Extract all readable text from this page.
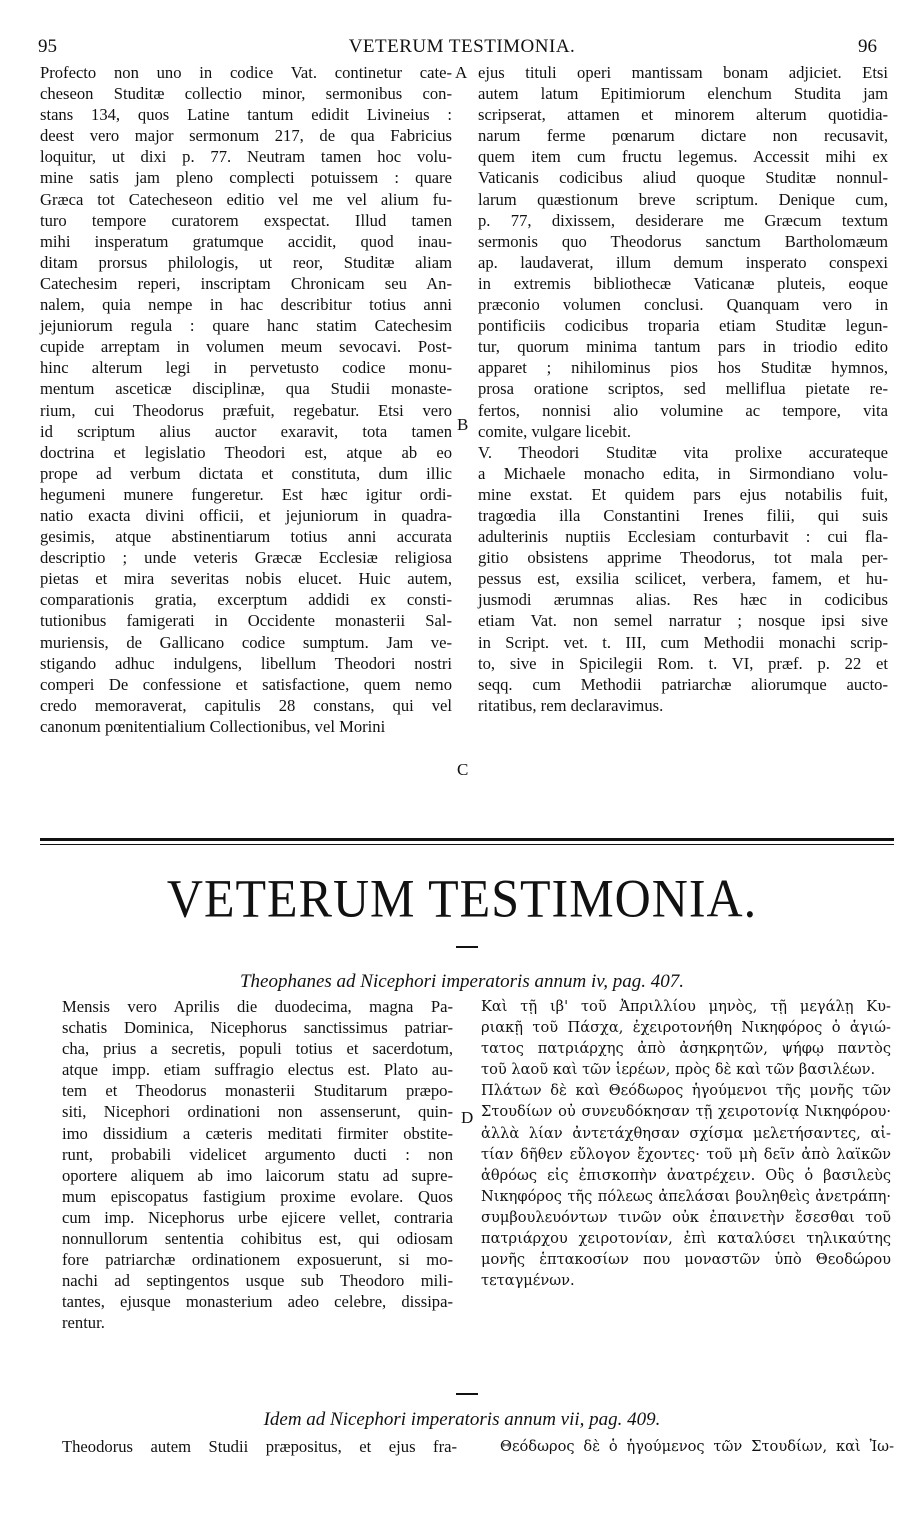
95	VETERUM TESTIMONIA.	96
Profecto non uno in codice Vat. continetur cate-
cheseon Studitæ collectio minor, sermonibus con-
stans 134, quos Latine tantum edidit Livineius :
deest vero major sermonum 217, de qua Fabricius
loquitur, ut dixi p. 77. Neutram tamen hoc volu-
mine satis jam pleno complecti potuissem : quare
Græca tot Catecheseon editio vel me vel alium fu-
turo tempore curatorem exspectat. Illud tamen
mihi insperatum gratumque accidit, quod inau-
ditam prorsus philologis, ut reor, Studitæ aliam
Catechesim reperi, inscriptam Chronicam seu An-
nalem, quia nempe in hac describitur totius anni
jejuniorum regula : quare hanc statim Catechesim
cupide arreptam in volumen meum sevocavi. Post-
hinc alterum legi in pervetusto codice monu-
mentum asceticæ disciplinæ, qua Studii monaste-
rium, cui Theodorus præfuit, regebatur. Etsi vero
id scriptum alius auctor exaravit, tota tamen
doctrina et legislatio Theodori est, atque ab eo
prope ad verbum dictata et constituta, dum illic
hegumeni munere fungeretur. Est hæc igitur ordi-
natio exacta divini officii, et jejuniorum in quadra-
gesimis, atque abstinentiarum totius anni accurata
descriptio ; unde veteris Græcæ Ecclesiæ religiosa
pietas et mira severitas nobis elucet. Huic autem,
comparationis gratia, excerptum addidi ex consti-
tutionibus famigerati in Occidente monasterii Sal-
muriensis, de Gallicano codice sumptum. Jam ve-
stigando adhuc indulgens, libellum Theodori nostri
comperi De confessione et satisfactione, quem nemo
credo memoraverat, capitulis 28 constans, qui vel
canonum pœnitentialium Collectionibus, vel Morini
ejus tituli operi mantissam bonam adjiciet. Etsi
autem latum Epitimiorum elenchum Studita jam
scripserat, attamen et minorem alterum quotidia-
narum ferme pœnarum dictare non recusavit,
quem item cum fructu legemus. Accessit mihi ex
Vaticanis codicibus aliud quoque Studitæ nonnul-
larum quæstionum breve scriptum. Denique cum,
p. 77, dixissem, desiderare me Græcum textum
sermonis quo Theodorus sanctum Bartholomæum
ap. laudaverat, illum demum insperato conspexi
in extremis bibliothecæ Vaticanæ pluteis, eoque
præconio volumen conclusi. Quanquam vero in
pontificiis codicibus troparia etiam Studitæ legun-
tur, quorum minima tantum pars in triodio edito
apparet ; nihilominus pios hos Studitæ hymnos,
prosa oratione scriptos, sed melliflua pietate re-
fertos, nonnisi alio volumine ac tempore, vita
comite, vulgare licebit.
V. Theodori Studitæ vita prolixe accurateque
a Michaele monacho edita, in Sirmondiano volu-
mine exstat. Et quidem pars ejus notabilis fuit,
tragœdia illa Constantini Irenes filii, qui suis
adulterinis nuptiis Ecclesiam conturbavit : cui fla-
gitio obsistens apprime Theodorus, tot mala per-
pessus est, exsilia scilicet, verbera, famem, et hu-
jusmodi ærumnas alias. Res hæc in codicibus
etiam Vat. non semel narratur ; nosque ipsi sive
in Script. vet. t. III, cum Methodii monachi scrip-
to, sive in Spicilegii Rom. t. VI, præf. p. 22 et
seqq. cum Methodii patriarchæ aliorumque aucto-
ritatibus, rem declaravimus.
A
B
C
VETERUM TESTIMONIA.
Theophanes ad Nicephori imperatoris annum iv, pag. 407.
Mensis vero Aprilis die duodecima, magna Pa-
schatis Dominica, Nicephorus sanctissimus patriar-
cha, prius a secretis, populi totius et sacerdotum,
atque impp. etiam suffragio electus est. Plato au-
tem et Theodorus monasterii Studitarum præpo-
siti, Nicephori ordinationi non assenserunt, quin-
imo dissidium a cæteris meditati firmiter obstite-
runt, probabili videlicet argumento ducti : non
oportere aliquem ab imo laicorum statu ad supre-
mum episcopatus fastigium proxime evolare. Quos
cum imp. Nicephorus urbe ejicere vellet, contraria
nonnullorum sententia cohibitus est, qui odiosam
fore patriarchæ ordinationem exposuerunt, si mo-
nachi ad septingentos usque sub Theodoro mili-
tantes, ejusque monasterium adeo celebre, dissipa-
rentur.
Καὶ τῇ ιβ' τοῦ Ἀπριλλίου μηνὸς, τῇ μεγάλῃ Κυ-
ριακῇ τοῦ Πάσχα, ἐχειροτονήθη Νικηφόρος ὁ ἁγιώ-
τατος πατριάρχης ἀπὸ ἀσηκρητῶν, ψήφῳ παντὸς
τοῦ λαοῦ καὶ τῶν ἱερέων, πρὸς δὲ καὶ τῶν βασιλέων.
Πλάτων δὲ καὶ Θεόδωρος ἡγούμενοι τῆς μονῆς τῶν
Στουδίων οὐ συνευδόκησαν τῇ χειροτονίᾳ Νικηφόρου·
ἀλλὰ λίαν ἀντετάχθησαν σχίσμα μελετήσαντες, αἰ-
τίαν δῆθεν εὔλογον ἔχοντες· τοῦ μὴ δεῖν ἀπὸ λαϊκῶν
ἀθρόως εἰς ἐπισκοπὴν ἀνατρέχειν. Οὓς ὁ βασιλεὺς
Νικηφόρος τῆς πόλεως ἀπελάσαι βουληθεὶς ἀνετράπη·
συμβουλευόντων τινῶν οὐκ ἐπαινετὴν ἔσεσθαι τοῦ
πατριάρχου χειροτονίαν, ἐπὶ καταλύσει τηλικαύτης
μονῆς ἑπτακοσίων που μοναστῶν ὑπὸ Θεοδώρου
τεταγμένων.
D
Idem ad Nicephori imperatoris annum vii, pag. 409.
Theodorus autem Studii præpositus, et ejus fra-	Θεόδωρος δὲ ὁ ἡγούμενος τῶν Στουδίων, καὶ Ἰω-
